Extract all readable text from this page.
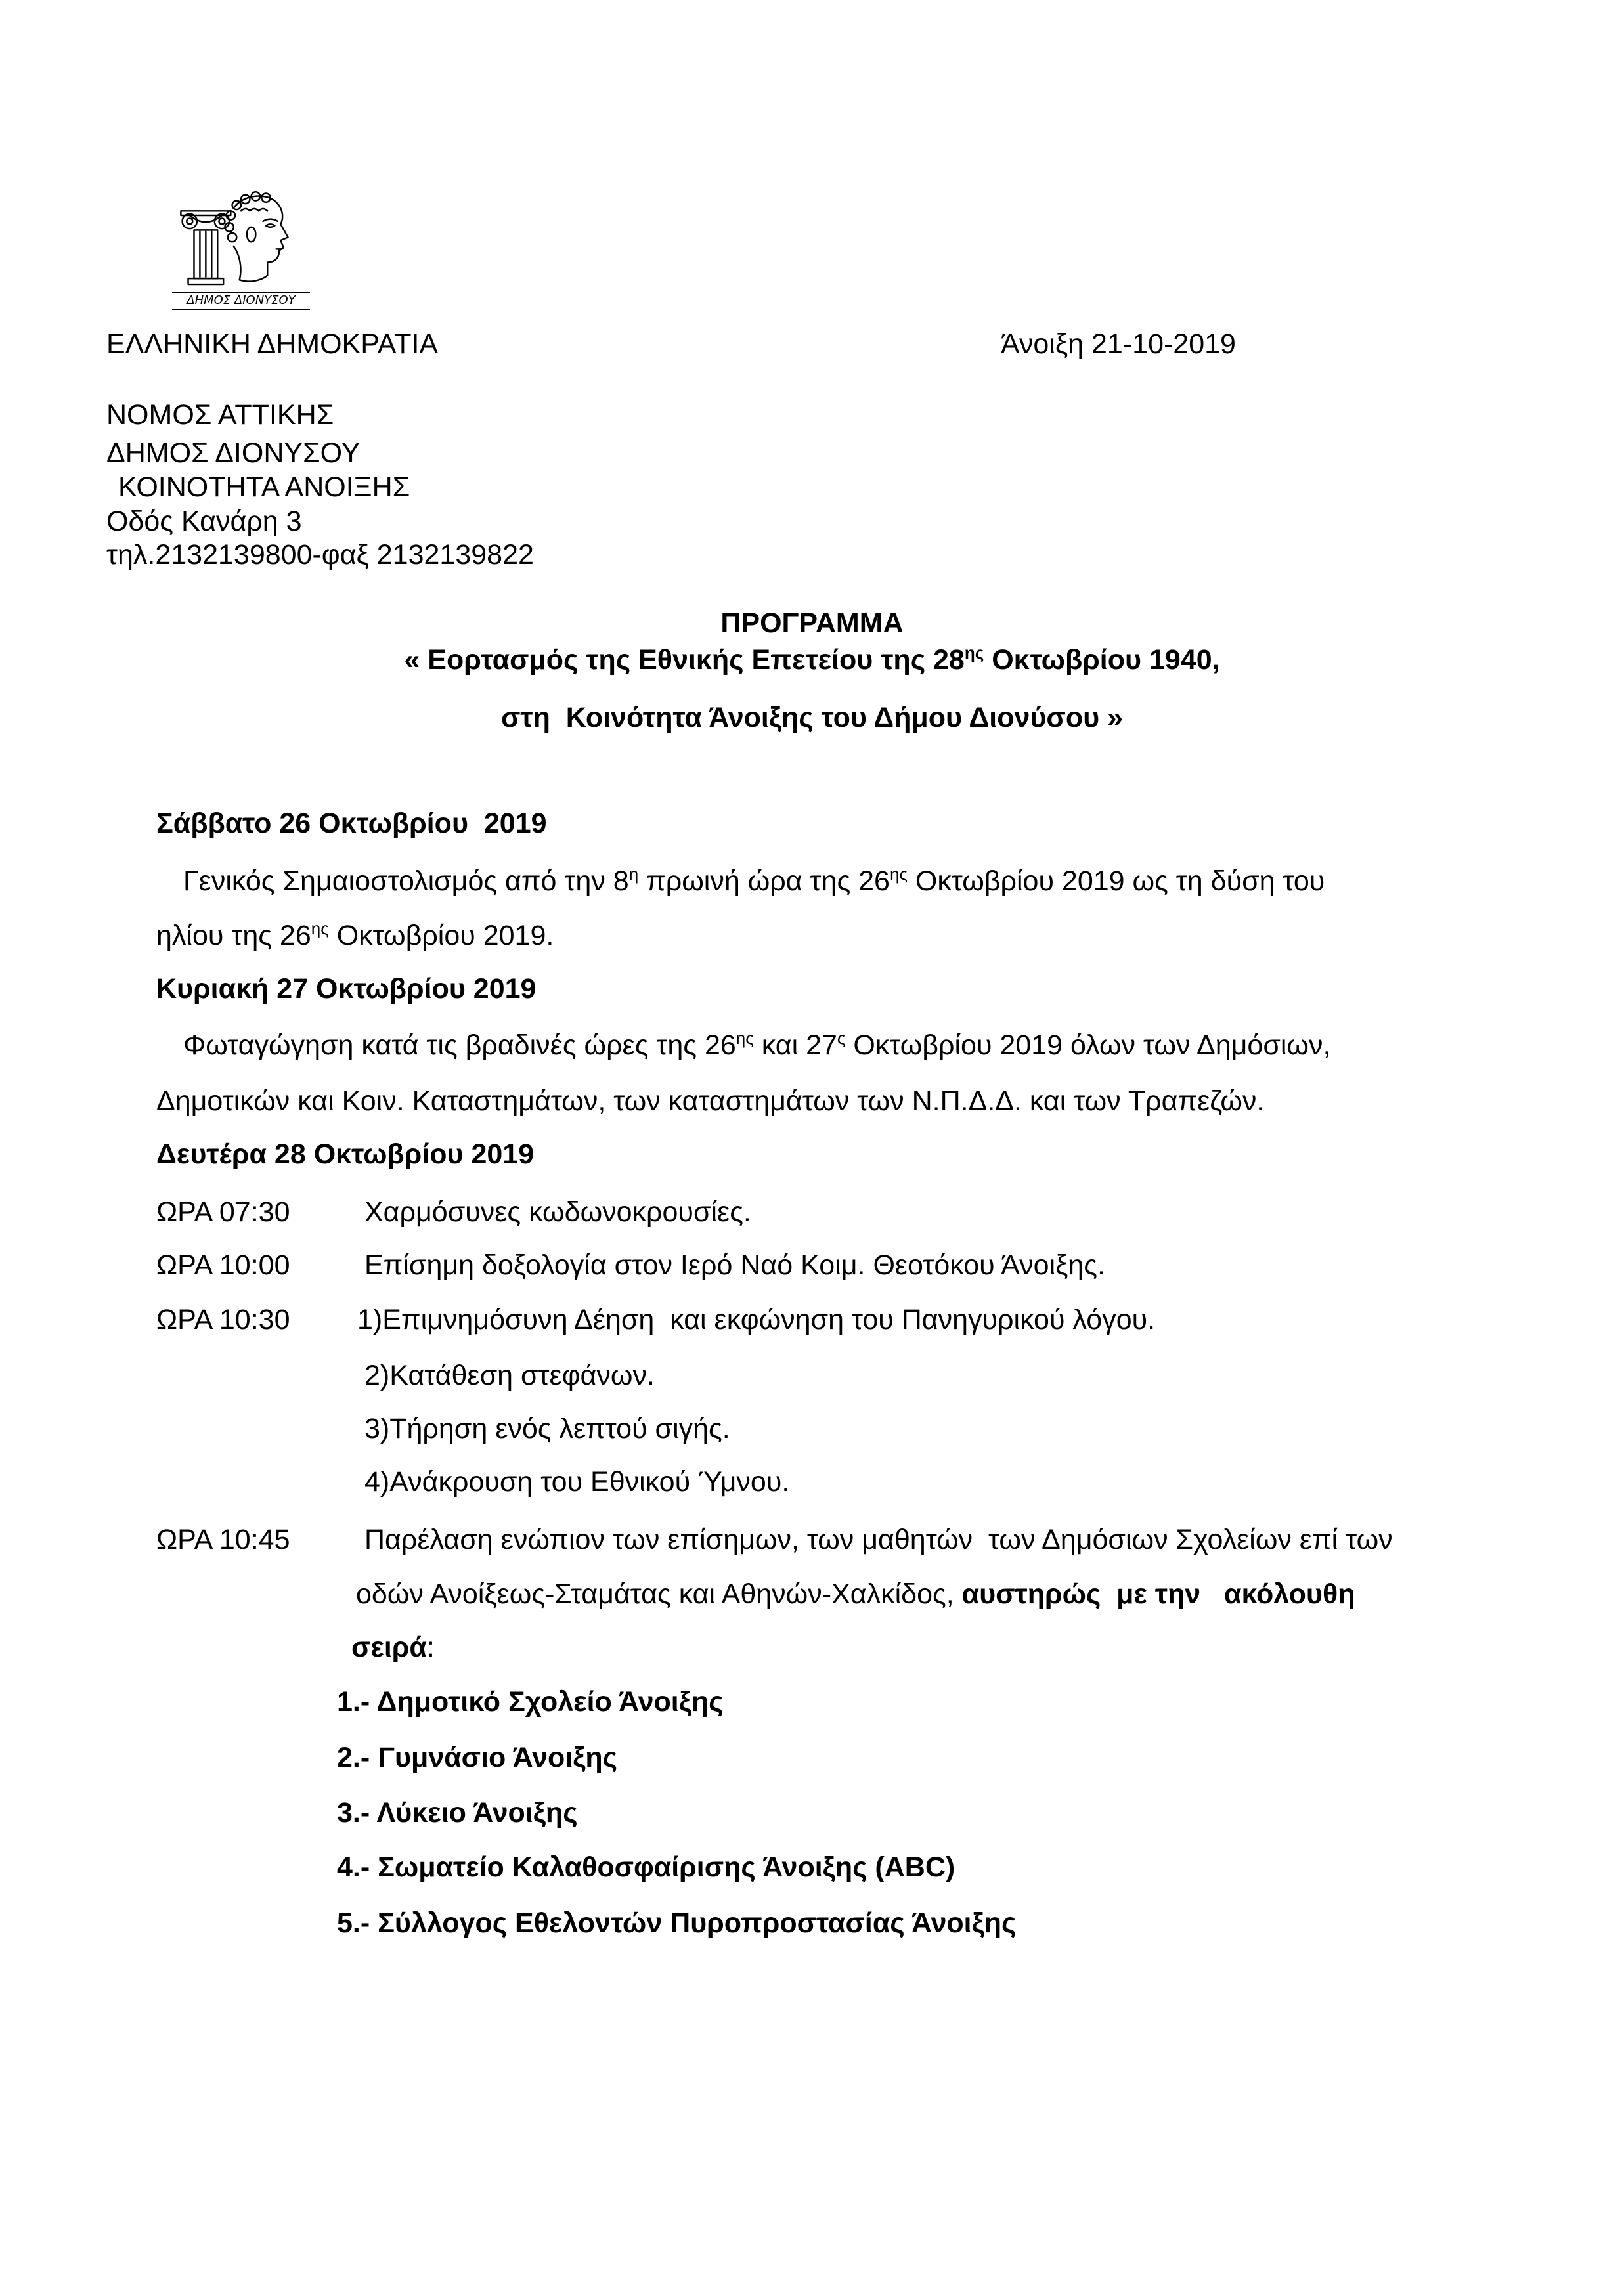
ΔΗΜΟΣ ΔΙΟΝΥΣΟΥ
ΕΛΛΗΝΙΚΗ ΔΗΜΟΚΡΑΤΙΑ	Άνοιξη 21-10-2019
ΝΟΜΟΣ ΑΤΤΙΚΗΣ
ΔΗΜΟΣ ΔΙΟΝΥΣΟΥ
ΚΟΙΝΟΤΗΤΑ ΑΝΟΙΞΗΣ
Οδός Κανάρη 3
τηλ.2132139800-φαξ 2132139822
ΠΡΟΓΡΑΜΜΑ
« Εορτασμός της Εθνικής Επετείου της $28^{\eta\varsigma}$ Οκτωβρίου 1940,
στη  Κοινότητα Άνοιξης του Δήμου Διονύσου »
Σάββατο 26 Οκτωβρίου  2019
Γενικός Σημαιοστολισμός από την $8^\eta$ πρωινή ώρα της $26^{\eta\varsigma}$ Οκτωβρίου 2019 ως τη δύση του
ηλίου της $26^{\eta\varsigma}$ Οκτωβρίου 2019.
Κυριακή 27 Οκτωβρίου 2019
Φωταγώγηση κατά τις βραδινές ώρες της $26^{\eta\varsigma}$ και $27^\varsigma$ Οκτωβρίου 2019 όλων των Δημόσιων,
Δημοτικών και Κοιν. Καταστημάτων, των καταστημάτων των Ν.Π.Δ.Δ. και των Τραπεζών.
Δευτέρα 28 Οκτωβρίου 2019
ΩΡΑ 07:30	Χαρμόσυνες κωδωνοκρουσίες.
ΩΡΑ 10:00	Επίσημη δοξολογία στον Ιερό Ναό Κοιμ. Θεοτόκου Άνοιξης.
ΩΡΑ 10:30 1)Επιμνημόσυνη Δέηση  και εκφώνηση του Πανηγυρικού λόγου.
2)Κατάθεση στεφάνων.
3)Τήρηση ενός λεπτού σιγής.
4)Ανάκρουση του Εθνικού Ύμνου.
ΩΡΑ 10:45	Παρέλαση ενώπιον των επίσημων, των μαθητών  των Δημόσιων Σχολείων επί των
οδών Ανοίξεως-Σταμάτας και Αθηνών-Χαλκίδος, αυστηρώς  με την   ακόλουθη
σειρά:
1.- Δημοτικό Σχολείο Άνοιξης
2.- Γυμνάσιο Άνοιξης
3.- Λύκειο Άνοιξης
4.- Σωματείο Καλαθοσφαίρισης Άνοιξης (ABC)
5.- Σύλλογος Εθελοντών Πυροπροστασίας Άνοιξης
